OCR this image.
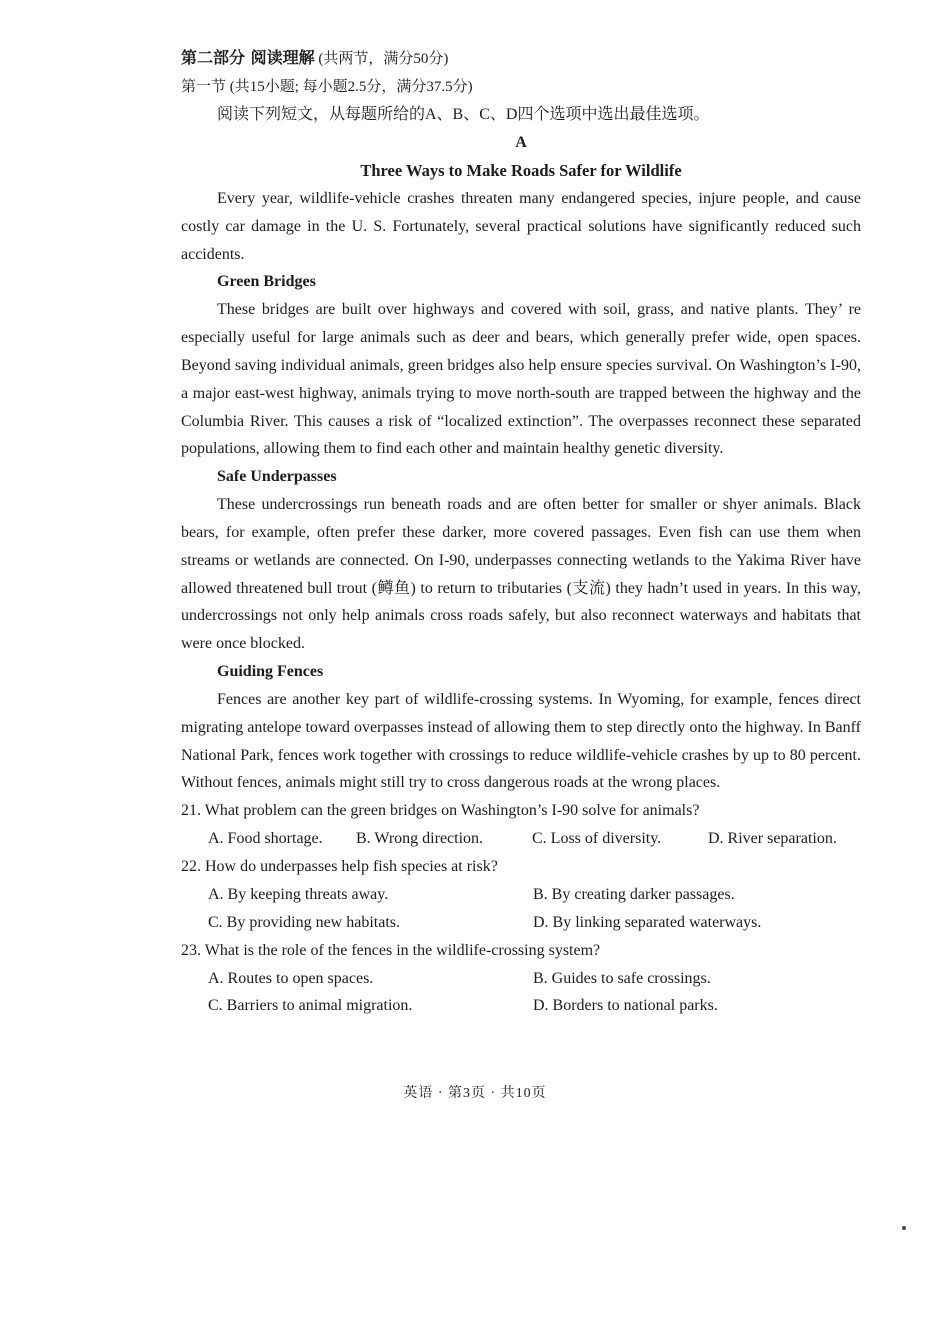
第二部分 阅读理解 (共两节，满分50分)
第一节 (共15小题; 每小题2.5分，满分37.5分)
阅读下列短文，从每题所给的A、B、C、D四个选项中选出最佳选项。
A
Three Ways to Make Roads Safer for Wildlife

Every year, wildlife-vehicle crashes threaten many endangered species, injure people, and cause costly car damage in the U. S. Fortunately, several practical solutions have significantly reduced such accidents.

Green Bridges

These bridges are built over highways and covered with soil, grass, and native plants. They’ re especially useful for large animals such as deer and bears, which generally prefer wide, open spaces. Beyond saving individual animals, green bridges also help ensure species survival. On Washington’s I-90, a major east-west highway, animals trying to move north-south are trapped between the highway and the Columbia River. This causes a risk of “localized extinction”. The overpasses reconnect these separated populations, allowing them to find each other and maintain healthy genetic diversity.

Safe Underpasses

These undercrossings run beneath roads and are often better for smaller or shyer animals. Black bears, for example, often prefer these darker, more covered passages. Even fish can use them when streams or wetlands are connected. On I-90, underpasses connecting wetlands to the Yakima River have allowed threatened bull trout (鳟鱼) to return to tributaries (支流) they hadn’t used in years. In this way, undercrossings not only help animals cross roads safely, but also reconnect waterways and habitats that were once blocked.

Guiding Fences

Fences are another key part of wildlife-crossing systems. In Wyoming, for example, fences direct migrating antelope toward overpasses instead of allowing them to step directly onto the highway. In Banff National Park, fences work together with crossings to reduce wildlife-vehicle crashes by up to 80 percent. Without fences, animals might still try to cross dangerous roads at the wrong places.

21. What problem can the green bridges on Washington’s I-90 solve for animals?
A. Food shortage.	B. Wrong direction.	C. Loss of diversity.	D. River separation.
22. How do underpasses help fish species at risk?
A. By keeping threats away.	B. By creating darker passages.
C. By providing new habitats.	D. By linking separated waterways.
23. What is the role of the fences in the wildlife-crossing system?
A. Routes to open spaces.	B. Guides to safe crossings.
C. Barriers to animal migration.	D. Borders to national parks.
英语 · 第3页 · 共10页
